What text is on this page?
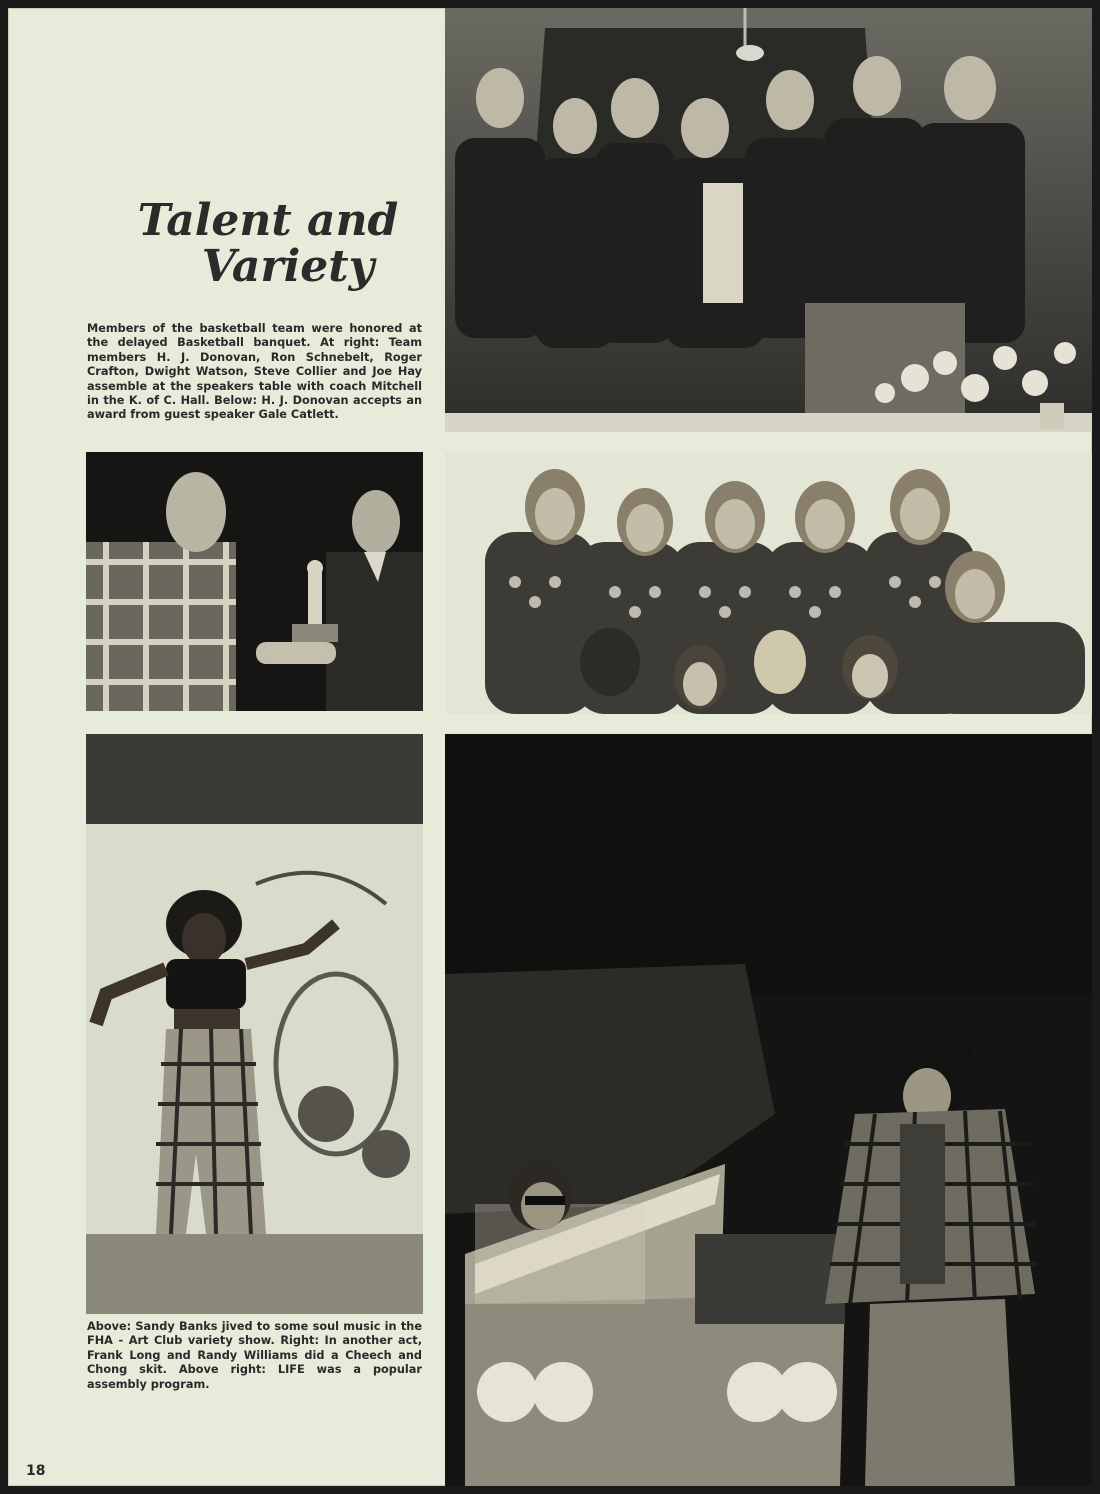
Talent and
Variety

Members of the basketball team were honored at the delayed Basketball banquet. At right: Team members H. J. Donovan, Ron Schnebelt, Roger Crafton, Dwight Watson, Steve Collier and Joe Hay assemble at the speakers table with coach Mitchell in the K. of C. Hall. Below: H. J. Donovan accepts an award from guest speaker Gale Catlett.

Above: Sandy Banks jived to some soul music in the FHA - Art Club variety show. Right: In another act, Frank Long and Randy Williams did a Cheech and Chong skit. Above right: LIFE was a popular assembly program.

18
